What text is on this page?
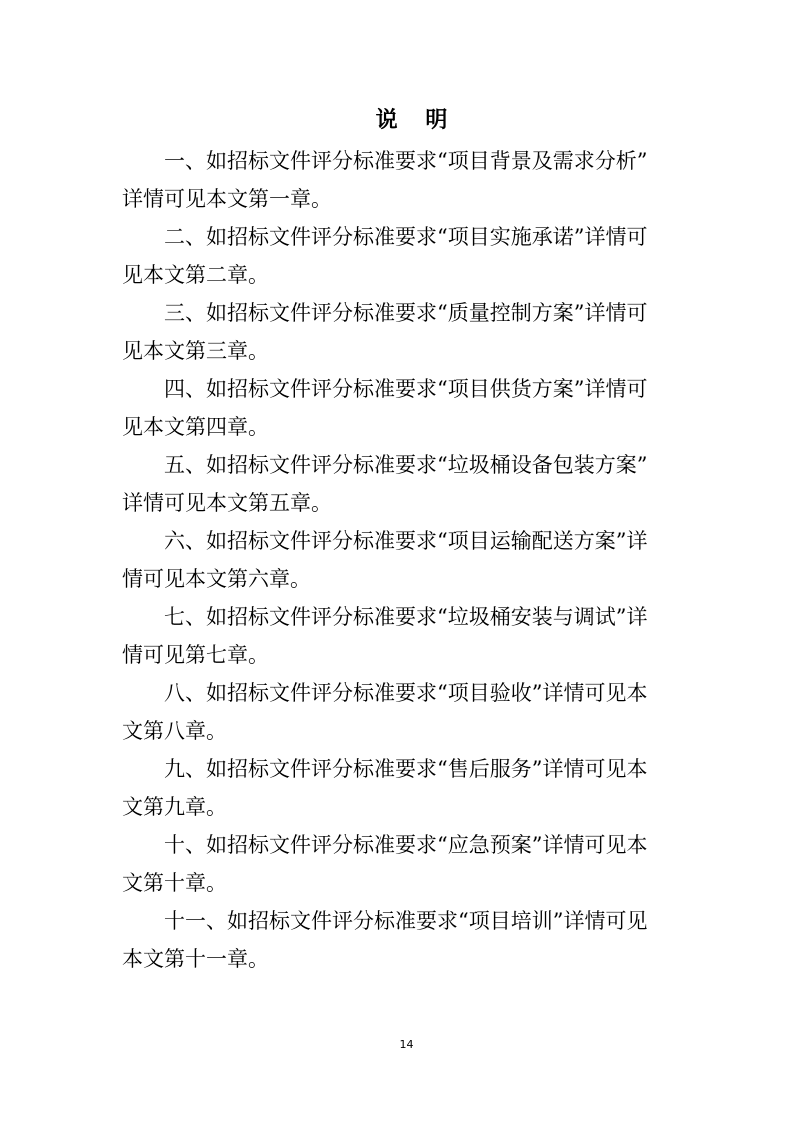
说 明

一、如招标文件评分标准要求“项目背景及需求分析”
详情可见本文第一章。

二、如招标文件评分标准要求“项目实施承诺”详情可
见本文第二章。

三、如招标文件评分标准要求“质量控制方案”详情可
见本文第三章。

四、如招标文件评分标准要求“项目供货方案”详情可
见本文第四章。

五、如招标文件评分标准要求“垃圾桶设备包装方案”
详情可见本文第五章。

六、如招标文件评分标准要求“项目运输配送方案”详
情可见本文第六章。

七、如招标文件评分标准要求“垃圾桶安装与调试”详
情可见第七章。

八、如招标文件评分标准要求“项目验收”详情可见本
文第八章。

九、如招标文件评分标准要求“售后服务”详情可见本
文第九章。

十、如招标文件评分标准要求“应急预案”详情可见本
文第十章。

十一、如招标文件评分标准要求“项目培训”详情可见
本文第十一章。

14
